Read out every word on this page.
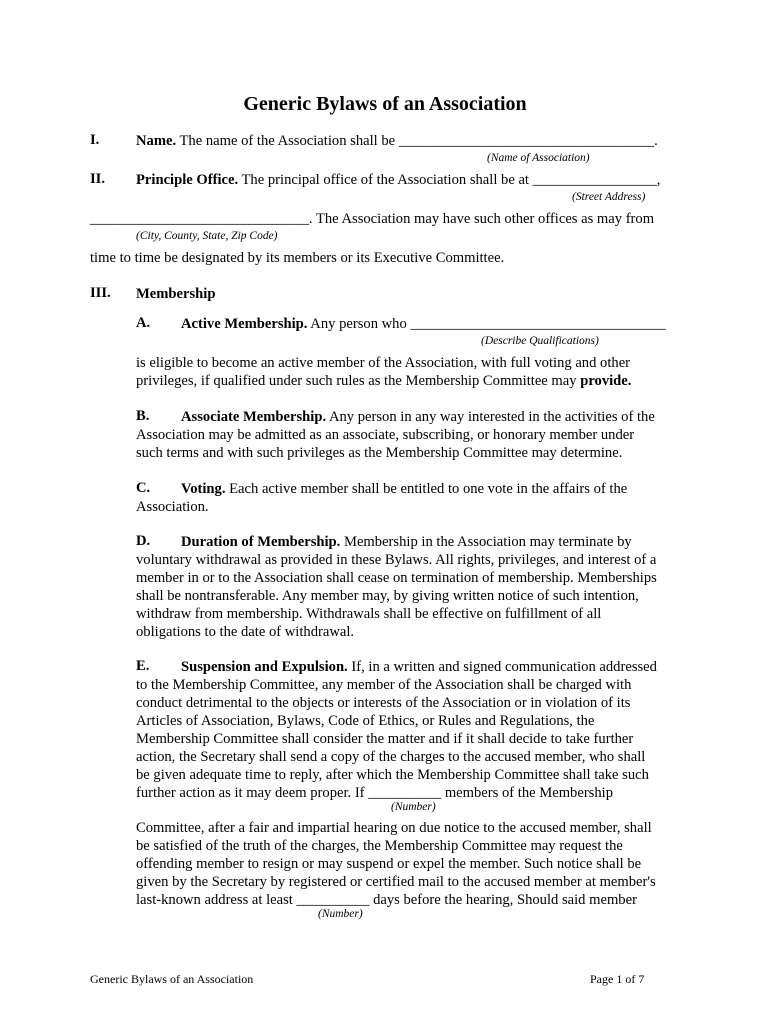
Generic Bylaws of an Association
I.	Name. The name of the Association shall be ___________________________________.
(Name of Association)
II. Principle Office. The principal office of the Association shall be at _________________,
(Street Address)
______________________________. The Association may have such other offices as may from
(City, County, State, Zip Code)
time to time be designated by its members or its Executive Committee.
III. Membership
A. Active Membership. Any person who ___________________________________
(Describe Qualifications)
is eligible to become an active member of the Association, with full voting and other
privileges, if qualified under such rules as the Membership Committee may provide.
B. Associate Membership. Any person in any way interested in the activities of the
Association may be admitted as an associate, subscribing, or honorary member under
such terms and with such privileges as the Membership Committee may determine.
C. Voting. Each active member shall be entitled to one vote in the affairs of the
Association.
D. Duration of Membership. Membership in the Association may terminate by
voluntary withdrawal as provided in these Bylaws. All rights, privileges, and interest of a
member in or to the Association shall cease on termination of membership. Memberships
shall be nontransferable. Any member may, by giving written notice of such intention,
withdraw from membership. Withdrawals shall be effective on fulfillment of all
obligations to the date of withdrawal.
E. Suspension and Expulsion. If, in a written and signed communication addressed
to the Membership Committee, any member of the Association shall be charged with
conduct detrimental to the objects or interests of the Association or in violation of its
Articles of Association, Bylaws, Code of Ethics, or Rules and Regulations, the
Membership Committee shall consider the matter and if it shall decide to take further
action, the Secretary shall send a copy of the charges to the accused member, who shall
be given adequate time to reply, after which the Membership Committee shall take such
further action as it may deem proper. If __________ members of the Membership
(Number)
Committee, after a fair and impartial hearing on due notice to the accused member, shall
be satisfied of the truth of the charges, the Membership Committee may request the
offending member to resign or may suspend or expel the member. Such notice shall be
given by the Secretary by registered or certified mail to the accused member at member's
last-known address at least __________ days before the hearing, Should said member
(Number)
Generic Bylaws of an Association	Page 1 of 7
